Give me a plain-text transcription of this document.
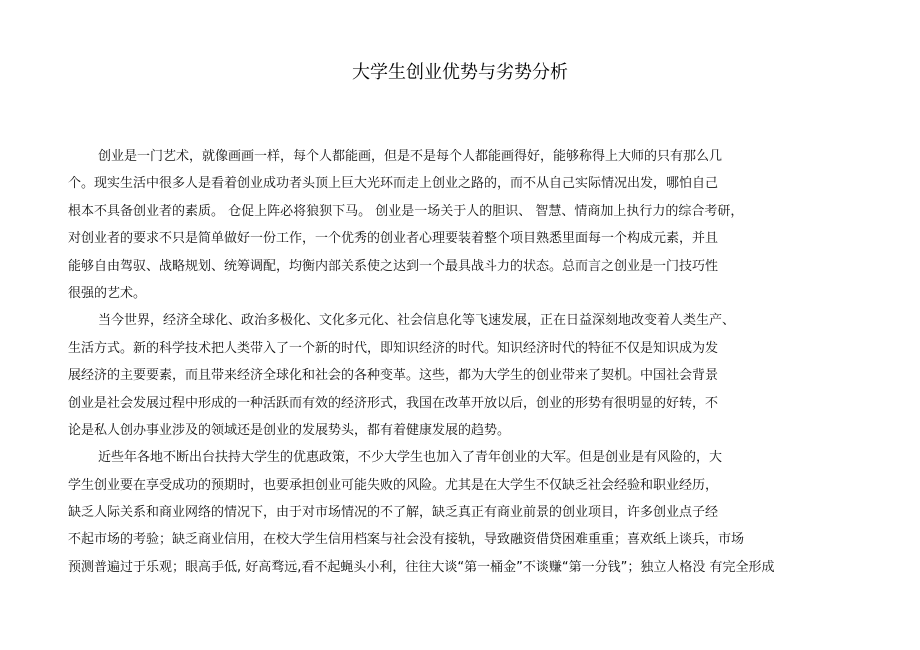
大学生创业优势与劣势分析
创业是一门艺术，就像画画一样，每个人都能画，但是不是每个人都能画得好，能够称得上大师的只有那么几
个。现实生活中很多人是看着创业成功者头顶上巨大光环而走上创业之路的，而不从自己实际情况出发，哪怕自己
根本不具备创业者的素质。 仓促上阵必将狼狈下马。 创业是一场关于人的胆识、 智慧、情商加上执行力的综合考研，
对创业者的要求不只是简单做好一份工作，一个优秀的创业者心理要装着整个项目熟悉里面每一个构成元素，并且
能够自由驾驭、战略规划、统筹调配，均衡内部关系使之达到一个最具战斗力的状态。总而言之创业是一门技巧性
很强的艺术。
当今世界，经济全球化、政治多极化、文化多元化、社会信息化等飞速发展，正在日益深刻地改变着人类生产、
生活方式。新的科学技术把人类带入了一个新的时代，即知识经济的时代。知识经济时代的特征不仅是知识成为发
展经济的主要要素，而且带来经济全球化和社会的各种变革。这些，都为大学生的创业带来了契机。中国社会背景
创业是社会发展过程中形成的一种活跃而有效的经济形式，我国在改革开放以后，创业的形势有很明显的好转，不
论是私人创办事业涉及的领域还是创业的发展势头，都有着健康发展的趋势。
近些年各地不断出台扶持大学生的优惠政策，不少大学生也加入了青年创业的大军。但是创业是有风险的，大
学生创业要在享受成功的预期时，也要承担创业可能失败的风险。尤其是在大学生不仅缺乏社会经验和职业经历，
缺乏人际关系和商业网络的情况下，由于对市场情况的不了解，缺乏真正有商业前景的创业项目，许多创业点子经
不起市场的考验；缺乏商业信用，在校大学生信用档案与社会没有接轨，导致融资借贷困难重重；喜欢纸上谈兵，市场
预测普遍过于乐观；眼高手低, 好高骛远,看不起蝇头小利，往往大谈“第一桶金”不谈赚“第一分钱”；独立人格没 有完全形成
